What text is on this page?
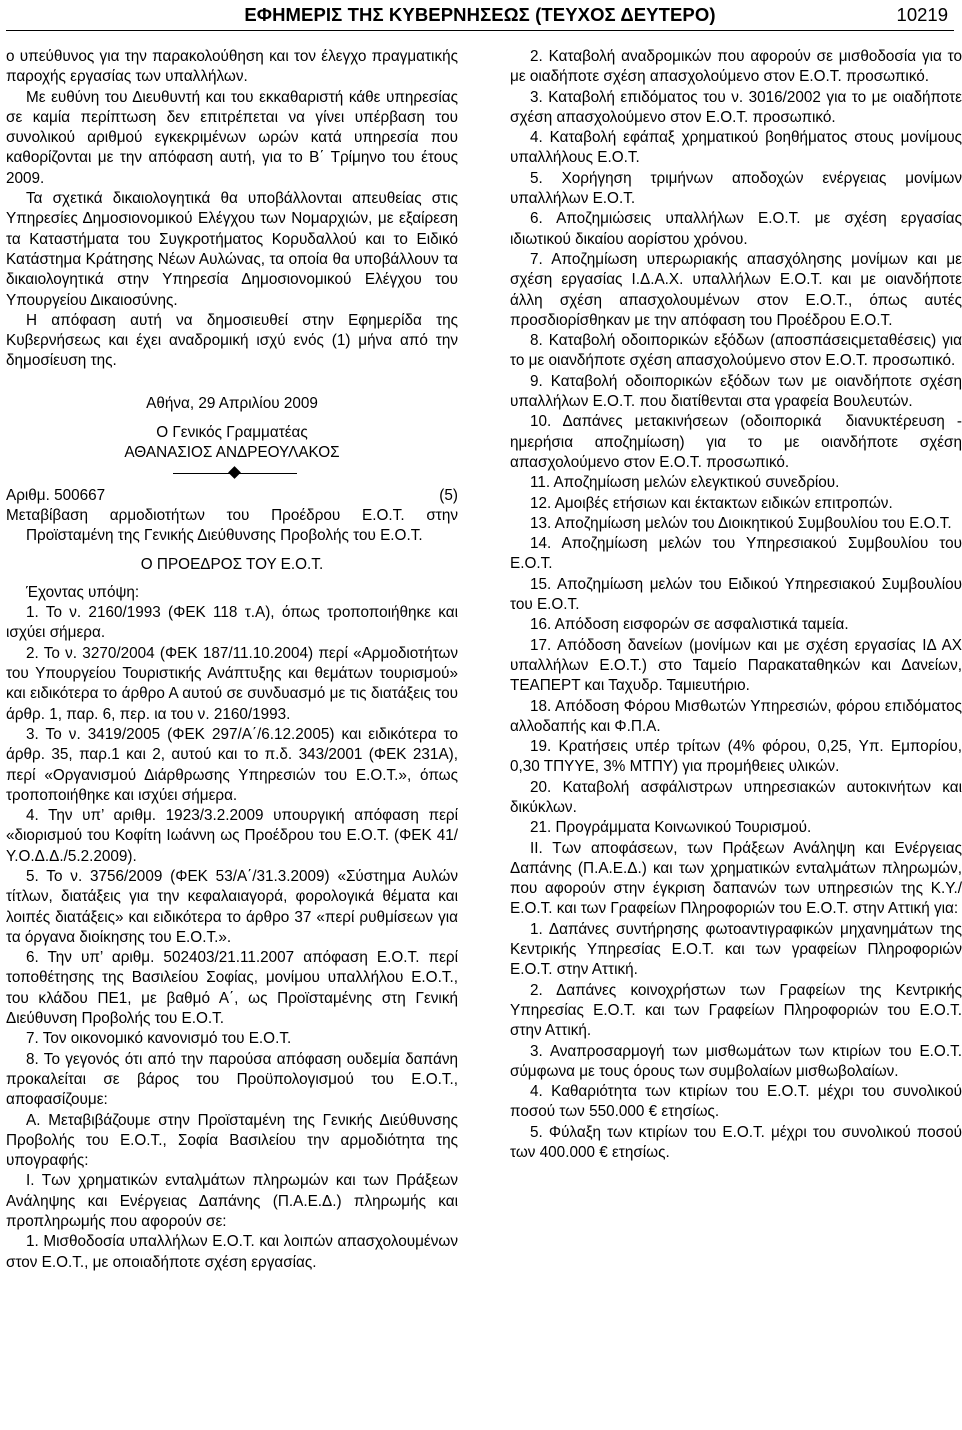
ΕΦΗΜΕΡΙΣ ΤΗΣ ΚΥΒΕΡΝΗΣΕΩΣ (ΤΕΥΧΟΣ ΔΕΥΤΕΡΟ)	10219

ο υπεύθυνος για την παρακολούθηση και τον έλεγχο πραγματικής παροχής εργασίας των υπαλλήλων.

Με ευθύνη του Διευθυντή και του εκκαθαριστή κάθε υπηρεσίας σε καμία περίπτωση δεν επιτρέπεται να γίνει υπέρβαση του συνολικού αριθμού εγκεκριμένων ωρών κατά υπηρεσία που καθορίζονται με την απόφαση αυτή, για το Β΄ Τρίμηνο του έτους 2009.

Τα σχετικά δικαιολογητικά θα υποβάλλονται απευθείας στις Υπηρεσίες Δημοσιονομικού Ελέγχου των Νομαρχιών, με εξαίρεση τα Καταστήματα του Συγκροτήματος Κορυδαλλού και το Ειδικό Κατάστημα Κράτησης Νέων Αυλώνας, τα οποία θα υποβάλλουν τα δικαιολογητικά στην Υπηρεσία Δημοσιονομικού Ελέγχου του Υπουργείου Δικαιοσύνης.

Η απόφαση αυτή να δημοσιευθεί στην Εφημερίδα της Κυβερνήσεως και έχει αναδρομική ισχύ ενός (1) μήνα από την δημοσίευση της.

Αθήνα, 29 Απριλίου 2009

Ο Γενικός Γραμματέας

ΑΘΑΝΑΣΙΟΣ ΑΝΔΡΕΟΥΛΑΚΟΣ

Αριθμ. 500667	(5)

Μεταβίβαση αρμοδιοτήτων του Προέδρου Ε.Ο.Τ. στην Προϊσταμένη της Γενικής Διεύθυνσης Προβολής του Ε.Ο.Τ.

Ο ΠΡΟΕΔΡΟΣ ΤΟΥ Ε.Ο.Τ.

Έχοντας υπόψη:

1. Το ν. 2160/1993 (ΦΕΚ 118 τ.Α), όπως τροποποιήθηκε και ισχύει σήμερα.

2. Το ν. 3270/2004 (ΦΕΚ 187/11.10.2004) περί «Αρμοδιοτήτων του Υπουργείου Τουριστικής Ανάπτυξης και θεμάτων τουρισμού» και ειδικότερα το άρθρο Α αυτού σε συνδυασμό με τις διατάξεις του άρθρ. 1, παρ. 6, περ. ια του ν. 2160/1993.

3. Το ν. 3419/2005 (ΦΕΚ 297/Α΄/6.12.2005) και ειδικότερα το άρθρ. 35, παρ.1 και 2, αυτού και το π.δ. 343/2001 (ΦΕΚ 231Α), περί «Οργανισμού Διάρθρωσης Υπηρεσιών του Ε.Ο.Τ.», όπως τροποποιήθηκε και ισχύει σήμερα.

4. Την υπ’ αριθμ. 1923/3.2.2009 υπουργική απόφαση περί «διορισμού του Κοφίτη Ιωάννη ως Προέδρου του Ε.Ο.Τ. (ΦΕΚ 41/Υ.Ο.Δ.Δ./5.2.2009).

5. Το ν. 3756/2009 (ΦΕΚ 53/Α΄/31.3.2009) «Σύστημα Αυλών τίτλων, διατάξεις για την κεφαλαιαγορά, φορολογικά θέματα και λοιπές διατάξεις» και ειδικότερα το άρθρο 37 «περί ρυθμίσεων για τα όργανα διοίκησης του Ε.Ο.Τ.».

6. Την υπ’ αριθμ. 502403/21.11.2007 απόφαση Ε.Ο.Τ. περί τοποθέτησης της Βασιλείου Σοφίας, μονίμου υπαλλήλου Ε.Ο.Τ., του κλάδου ΠΕ1, με βαθμό Α΄, ως Προϊσταμένης στη Γενική Διεύθυνση Προβολής του Ε.Ο.Τ.

7. Τον οικονομικό κανονισμό του Ε.Ο.Τ.

8. Το γεγονός ότι από την παρούσα απόφαση ουδεμία δαπάνη προκαλείται σε βάρος του Προϋπολογισμού του Ε.Ο.Τ., αποφασίζουμε:

Α. Μεταβιβάζουμε στην Προϊσταμένη της Γενικής Διεύθυνσης Προβολής του Ε.Ο.Τ., Σοφία Βασιλείου την αρμοδιότητα της υπογραφής:

Ι. Των χρηματικών ενταλμάτων πληρωμών και των Πράξεων Ανάληψης και Ενέργειας Δαπάνης (Π.Α.Ε.Δ.) πληρωμής και προπληρωμής που αφορούν σε:

1. Μισθοδοσία υπαλλήλων Ε.Ο.Τ. και λοιπών απασχολουμένων στον Ε.Ο.Τ., με οποιαδήποτε σχέση εργασίας.

2. Καταβολή αναδρομικών που αφορούν σε μισθοδοσία για το με οιαδήποτε σχέση απασχολούμενο στον Ε.Ο.Τ. προσωπικό.

3. Καταβολή επιδόματος του ν. 3016/2002 για το με οιαδήποτε σχέση απασχολούμενο στον Ε.Ο.Τ. προσωπικό.

4. Καταβολή εφάπαξ χρηματικού βοηθήματος στους μονίμους υπαλλήλους Ε.Ο.Τ.

5. Χορήγηση τριμήνων αποδοχών ενέργειας μονίμων υπαλλήλων Ε.Ο.Τ.

6. Αποζημιώσεις υπαλλήλων Ε.Ο.Τ. με σχέση εργασίας ιδιωτικού δικαίου αορίστου χρόνου.

7. Αποζημίωση υπερωριακής απασχόλησης μονίμων και με σχέση εργασίας Ι.Δ.Α.Χ. υπαλλήλων Ε.Ο.Τ. και με οιανδήποτε άλλη σχέση απασχολουμένων στον Ε.Ο.Τ., όπως αυτές προσδιορίσθηκαν με την απόφαση του Προέδρου Ε.Ο.Τ.

8. Καταβολή οδοιπορικών εξόδων (αποσπάσειςμεταθέσεις) για το με οιανδήποτε σχέση απασχολούμενο στον Ε.Ο.Τ. προσωπικό.

9. Καταβολή οδοιπορικών εξόδων των με οιανδήποτε σχέση υπαλλήλων Ε.Ο.Τ. που διατίθενται στα γραφεία Βουλευτών.

10. Δαπάνες μετακινήσεων (οδοιπορικά διανυκτέρευση ημερήσια αποζημίωση) για το με οιανδήποτε σχέση απασχολούμενο στον Ε.Ο.Τ. προσωπικό.

11. Αποζημίωση μελών ελεγκτικού συνεδρίου.

12. Αμοιβές ετήσιων και έκτακτων ειδικών επιτροπών.

13. Αποζημίωση μελών του Διοικητικού Συμβουλίου του Ε.Ο.Τ.

14. Αποζημίωση μελών του Υπηρεσιακού Συμβουλίου του Ε.Ο.Τ.

15. Αποζημίωση μελών του Ειδικού Υπηρεσιακού Συμβουλίου του Ε.Ο.Τ.

16. Απόδοση εισφορών σε ασφαλιστικά ταμεία.

17. Απόδοση δανείων (μονίμων και με σχέση εργασίας ΙΔ ΑΧ υπαλλήλων Ε.Ο.Τ.) στο Ταμείο Παρακαταθηκών και Δανείων, ΤΕΑΠΕΡΤ και Ταχυδρ. Ταμιευτήριο.

18. Απόδοση Φόρου Μισθωτών Υπηρεσιών, φόρου επιδόματος αλλοδαπής και Φ.Π.Α.

19. Κρατήσεις υπέρ τρίτων (4% φόρου, 0,25, Υπ. Εμπορίου, 0,30 ΤΠΥΥΕ, 3% ΜΤΠΥ) για προμήθειες υλικών.

20. Καταβολή ασφάλιστρων υπηρεσιακών αυτοκινήτων και δικύκλων.

21. Προγράμματα Κοινωνικού Τουρισμού.

ΙΙ. Των αποφάσεων, των Πράξεων Ανάληψη και Ενέργειας Δαπάνης (Π.Α.Ε.Δ.) και των χρηματικών ενταλμάτων πληρωμών, που αφορούν στην έγκριση δαπανών των υπηρεσιών της Κ.Υ./Ε.Ο.Τ. και των Γραφείων Πληροφοριών του Ε.Ο.Τ. στην Αττική για:

1. Δαπάνες συντήρησης φωτοαντιγραφικών μηχανημάτων της Κεντρικής Υπηρεσίας Ε.Ο.Τ. και των γραφείων Πληροφοριών Ε.Ο.Τ. στην Αττική.

2. Δαπάνες κοινοχρήστων των Γραφείων της Κεντρικής Υπηρεσίας Ε.Ο.Τ. και των Γραφείων Πληροφοριών του Ε.Ο.Τ. στην Αττική.

3. Αναπροσαρμογή των μισθωμάτων των κτιρίων του Ε.Ο.Τ. σύμφωνα με τους όρους των συμβολαίων μισθωβολαίων.

4. Καθαριότητα των κτιρίων του Ε.Ο.Τ. μέχρι του συνολικού ποσού των 550.000 € ετησίως.

5. Φύλαξη των κτιρίων του Ε.Ο.Τ. μέχρι του συνολικού ποσού των 400.000 € ετησίως.
